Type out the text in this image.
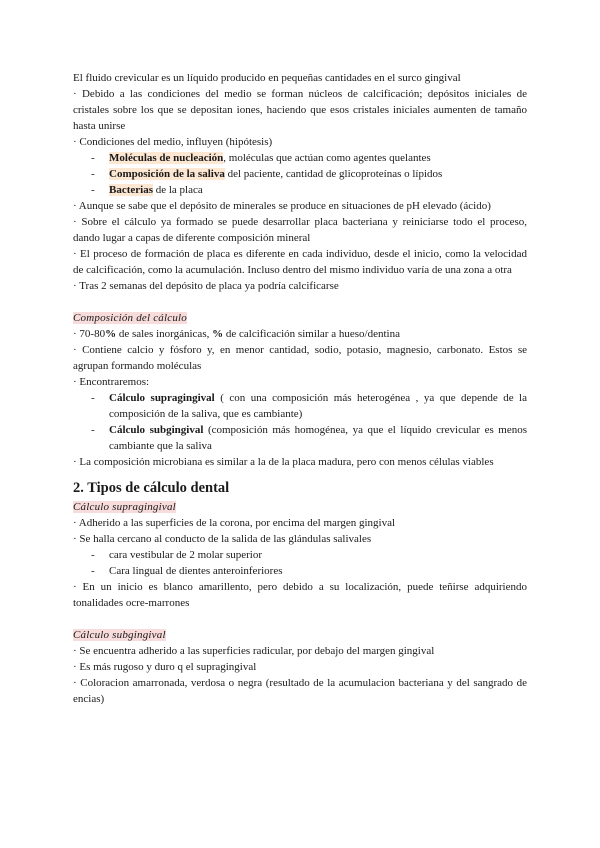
El fluido crevicular es un líquido producido en pequeñas cantidades en el surco gingival

· Debido a las condiciones del medio se forman núcleos de calcificación; depósitos iniciales de cristales sobre los que se depositan iones, haciendo que esos cristales iniciales aumenten de tamaño hasta unirse

· Condiciones del medio, influyen (hipótesis)

-	Moléculas de nucleación, moléculas que actúan como agentes quelantes
-	Composición de la saliva del paciente, cantidad de glicoproteínas o lípidos
-	Bacterias de la placa

· Aunque se sabe que el depósito de minerales se produce en situaciones de pH elevado (ácido)

· Sobre el cálculo ya formado se puede desarrollar placa bacteriana y reiniciarse todo el proceso, dando lugar a capas de diferente composición mineral

· El proceso de formación de placa es diferente en cada individuo, desde el inicio, como la velocidad de calcificación, como la acumulación. Incluso dentro del mismo individuo varía de una zona a otra

· Tras 2 semanas del depósito de placa ya podría calcificarse

Composición del cálculo

· 70-80% de sales inorgánicas, % de calcificación similar a hueso/dentina

· Contiene calcio y fósforo y, en menor cantidad, sodio, potasio, magnesio, carbonato. Estos se agrupan formando moléculas

· Encontraremos:

-	Cálculo supragingival ( con una composición más heterogénea , ya que depende de la composición de la saliva, que es cambiante)
-	Cálculo subgingival (composición más homogénea, ya que el líquido crevicular es menos cambiante que la saliva

· La composición microbiana es similar a la de la placa madura, pero con menos células viables

2. Tipos de cálculo dental

Cálculo supragingival

· Adherido a las superficies de la corona, por encima del margen gingival

· Se halla cercano al conducto de la salida de las glándulas salivales

-	cara vestibular de 2 molar superior
-	Cara lingual de dientes anteroinferiores

· En un inicio es blanco amarillento, pero debido a su localización, puede teñirse adquiriendo tonalidades ocre-marrones

Cálculo subgingival

· Se encuentra adherido a las superficies radicular, por debajo del margen gingival

· Es más rugoso y duro q el supragingival

· Coloracion amarronada, verdosa o negra (resultado de la acumulacion bacteriana y del sangrado de encias)
